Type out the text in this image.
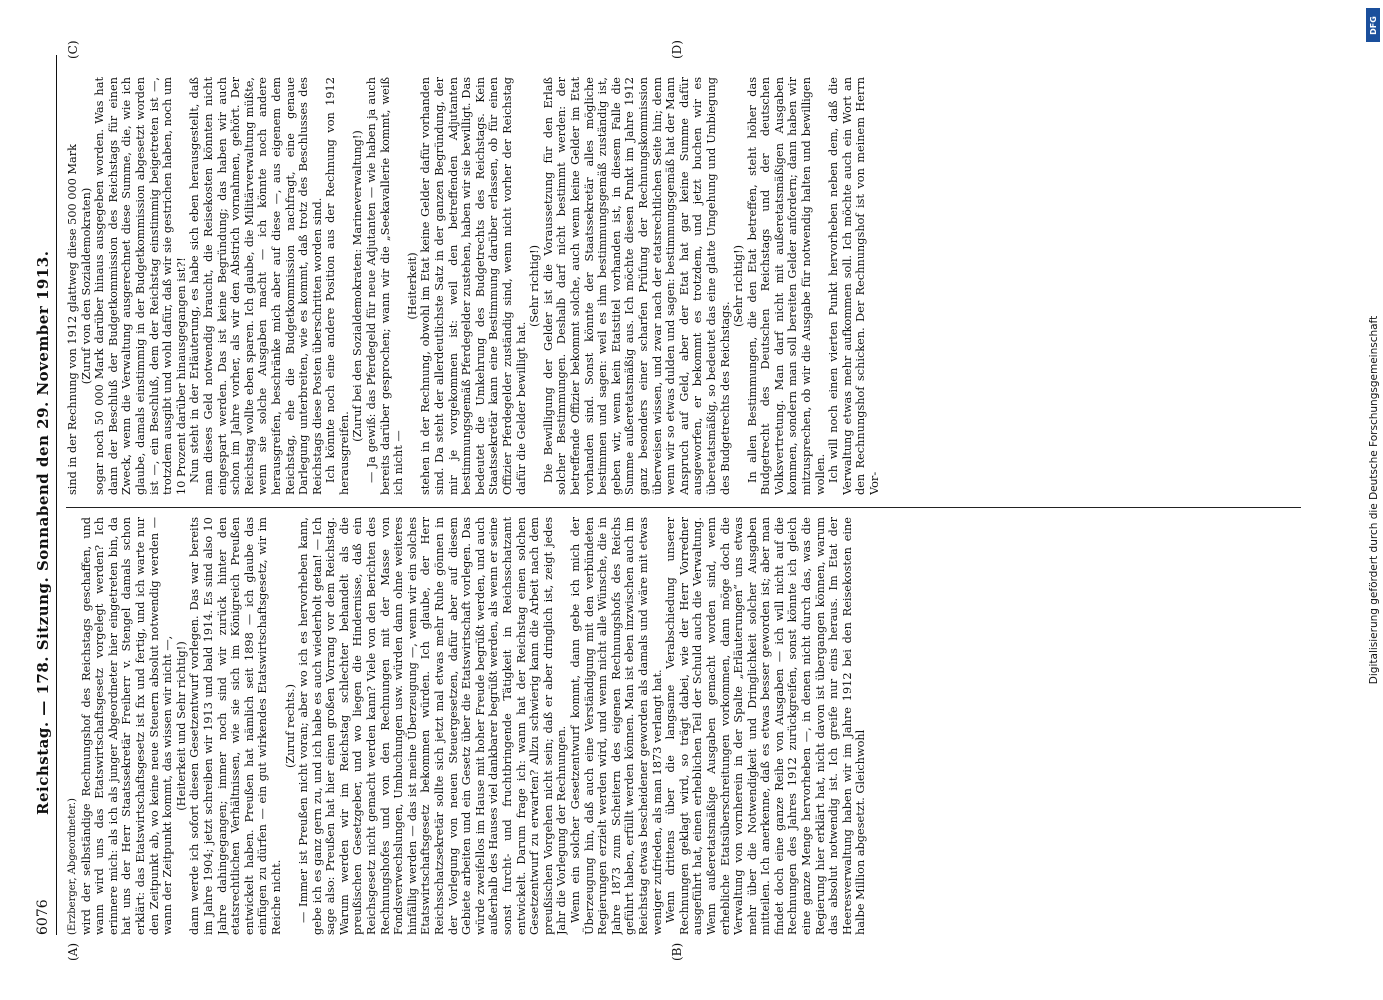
6076
Reichstag. — 178. Sitzung. Sonnabend den 29. November 1913.
(A)	(B)
(C)	(D)

(Erzberger, Abgeordneter.) wird der selbständige Rechnungshof des Reichstags geschaffen, und wann wird uns das Etatswirtschaftsgesetz vorgelegt werden? Ich erinnere mich: als ich als junger Abgeordneter hier eingetreten bin, da hat uns der Herr Staatssekretär Freiherr v. Stengel damals schon erklärt: das Etatswirtschaftsgesetz ist fix und fertig, und ich warte nur den Zeitpunkt ab, wo keine neue Steuern absolut notwendig werden — wann der Zeitpunkt kommt, das wissen wir nicht —, (Heiterkeit und Sehr richtig!) dann werde ich sofort diesen Gesetzentwurf vorlegen. Das war bereits im Jahre 1904; jetzt schreiben wir 1913 und bald 1914. Es sind also 10 Jahre dahingegangen; immer noch sind wir zurück hinter den etatsrechtlichen Verhältnissen, wie sie sich im Königreich Preußen entwickelt haben. Preußen hat nämlich seit 1898 — ich glaube das einfügen zu dürfen — ein gut wirkendes Etatswirtschaftsgesetz, wir im Reiche nicht.

(Zuruf rechts.) — Immer ist Preußen nicht voran; aber wo ich es hervorheben kann, gebe ich es ganz gern zu, und ich habe es auch wiederholt getan! — Ich sage also: Preußen hat hier einen großen Vorrang vor dem Reichstag. Warum werden wir im Reichstag schlechter behandelt als die preußischen Gesetzgeber, und wo liegen die Hindernisse, daß ein Reichsgesetz nicht gemacht werden kann? Viele von den Berichten des Rechnungshofes und von den Rechnungen mit der Masse von Fondsverwechslungen, Umbuchungen usw. würden dann ohne weiteres hinfällig werden — das ist meine Überzeugung —, wenn wir ein solches Etatswirtschaftsgesetz bekommen würden. Ich glaube, der Herr Reichsschatzsekretär sollte sich jetzt mal etwas mehr Ruhe gönnen in der Vorlegung von neuen Steuergesetzen, dafür aber auf diesem Gebiete arbeiten und ein Gesetz über die Etatswirtschaft vorlegen. Das würde zweifellos im Hause mit hoher Freude begrüßt werden, und auch außerhalb des Hauses viel dankbarer begrüßt werden, als wenn er seine sonst furcht- und fruchtbringende Tätigkeit in Reichsschatzamt entwickelt. Darum frage ich: wann hat der Reichstag einen solchen Gesetzentwurf zu erwarten? Allzu schwierig kann die Arbeit nach dem preußischen Vorgehen nicht sein; daß er aber dringlich ist, zeigt jedes Jahr die Vorlegung der Rechnungen. Wenn ein solcher Gesetzentwurf kommt, dann gebe ich mich der Überzeugung hin, daß auch eine Verständigung mit den verbündeten Regierungen erzielt werden wird, und wenn nicht alle Wünsche, die in Jahre 1873 zum Scheitern des eigenen Rechnungshofs des Reichs geführt haben, erfüllt werden können. Man ist eben inzwischen auch im Reichstag etwas bescheidener geworden als damals und wäre mit etwas weniger zufrieden, als man 1873 verlangt hat. Wenn drittens über die langsame Verabschiedung unserer Rechnungen geklagt wird, so trägt dabei, wie der Herr Vorredner ausgeführt hat, einen erheblichen Teil der Schuld auch die Verwaltung. Wenn außeretatsmäßige Ausgaben gemacht worden sind, wenn erhebliche Etatsüberschreitungen vorkommen, dann möge doch die Verwaltung von vornherein in der Spalte „Erläuterungen“ uns etwas mehr über die Notwendigkeit und Dringlichkeit solcher Ausgaben mitteilen. Ich anerkenne, daß es etwas besser geworden ist; aber man findet doch eine ganze Reihe von Ausgaben — ich will nicht auf die Rechnungen des Jahres 1912 zurückgreifen, sonst könnte ich gleich eine ganze Menge hervorheben —, in denen nicht durch das, was die Regierung hier erklärt hat, nicht davon ist übergangen können, warum das absolut notwendig ist. Ich greife nur eins heraus. Im Etat der Heeresverwaltung haben wir im Jahre 1912 bei den Reisekosten eine halbe Million abgesetzt. Gleichwohl

sind in der Rechnung von 1912 glattweg diese 500 000 Mark (Zuruf von den Sozialdemokraten) sogar noch 50 000 Mark darüber hinaus ausgegeben worden. Was hat dann der Beschluß der Budgetkommission des Reichstags für einen Zweck, wenn die Verwaltung ausgerechnet diese Summe, die, wie ich glaube, damals einstimmig in der Budgetkommission abgesetzt worden ist —, ein Beschluß, dem der Reichstag einstimmig beigetreten ist —, trotzdem ausgibt und wohl dafür, daß wir sie gestrichen haben, noch um 10 Prozent darüber hinausgegangen ist?! Nun steht in der Erläuterung, es habe sich eben herausgestellt, daß man dieses Geld notwendig braucht, die Reisekosten könnten nicht eingespart werden. Das ist keine Begründung; das haben wir auch schon im Jahre vorher, als wir den Abstrich vornahmen, gehört. Der Reichstag wollte eben sparen. Ich glaube, die Militärverwaltung müßte, wenn sie solche Ausgaben macht — ich könnte noch andere herausgreifen, beschränke mich aber auf diese —, aus eigenem dem Reichstag, ehe die Budgetkommission nachfragt, eine genaue Darlegung unterbreiten, wie es kommt, daß trotz des Beschlusses des Reichstags diese Posten überschritten worden sind. Ich könnte noch eine andere Position aus der Rechnung von 1912 herausgreifen.

(Zuruf bei den Sozialdemokraten: Marineverwaltung!) — Ja gewiß: das Pferdegeld für neue Adjutanten — wie haben ja auch bereits darüber gesprochen; wann wir die „Seekavallerie kommt, weiß ich nicht —

(Heiterkeit) stehen in der Rechnung, obwohl im Etat keine Gelder dafür vorhanden sind. Da steht der allerdeutlichste Satz in der ganzen Begründung, der mir je vorgekommen ist: weil den betreffenden Adjutanten bestimmungsgemäß Pferdegelder zustehen, haben wir sie bewilligt. Das bedeutet die Umkehrung des Budgetrechts des Reichstags. Kein Staatssekretär kann eine Bestimmung darüber erlassen, ob für einen Offizier Pferdegelder zuständig sind, wenn nicht vorher der Reichstag dafür die Gelder bewilligt hat.

(Sehr richtig!) Die Bewilligung der Gelder ist die Voraussetzung für den Erlaß solcher Bestimmungen. Deshalb darf nicht bestimmt werden: der betreffende Offizier bekommt solche, auch wenn keine Gelder im Etat vorhanden sind. Sonst könnte der Staatssekretär alles mögliche bestimmen und sagen: weil es ihm bestimmungsgemäß zuständig ist, geben wir, wenn kein Etatstitel vorhanden ist, in diesem Falle die Summe außeretatsmäßig aus. Ich möchte diesen Punkt im Jahre 1912 ganz besonders einer scharfen Prüfung der Rechnungskommission überweisen wissen, und zwar nach der etatsrechtlichen Seite hin; denn wenn wir so etwas dulden und sagen: bestimmungsgemäß hat der Mann Anspruch auf Geld, aber der Etat hat gar keine Summe dafür ausgeworfen, er bekommt es trotzdem, und jetzt buchen wir es überetatsmäßig, so bedeutet das eine glatte Umgehung und Umbiegung des Budgetrechts des Reichstags.

(Sehr richtig!) In allen Bestimmungen, die den Etat betreffen, steht höher das Budgetrecht des Deutschen Reichstags und der deutschen Volksvertretung. Man darf nicht mit außeretatsmäßigen Ausgaben kommen, sondern man soll bereiten Gelder anfordern; dann haben wir mitzusprechen, ob wir die Ausgabe für notwendig halten und bewilligen wollen. Ich will noch einen vierten Punkt hervorheben neben dem, daß die Verwaltung etwas mehr aufkommen soll. Ich möchte auch ein Wort an den Rechnungshof schicken. Der Rechnungshof ist von meinem Herrn Vor-

DFG
Digitalisierung gefördert durch die Deutsche Forschungsgemeinschaft
